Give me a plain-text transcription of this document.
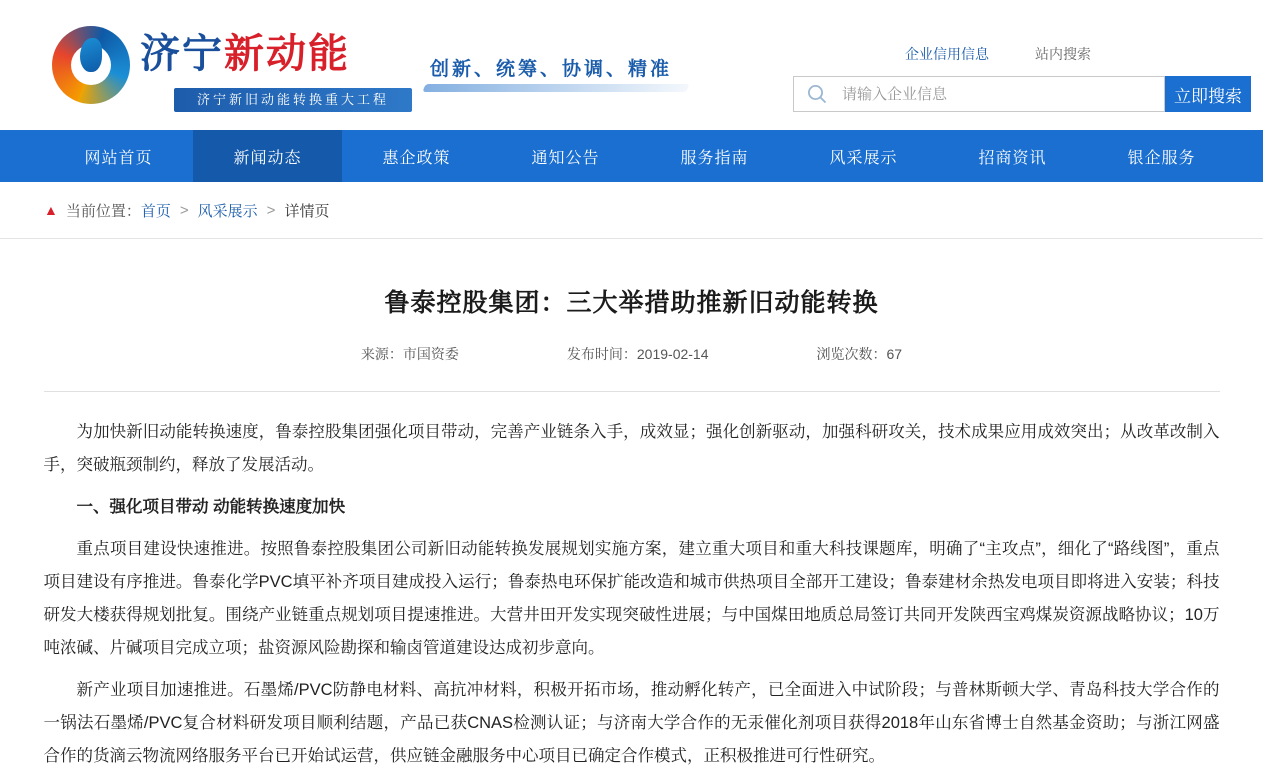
济宁新动能
济宁新旧动能转换重大工程
创新、统筹、协调、精准
企业信用信息	站内搜索
请输入企业信息
立即搜索
网站首页	新闻动态	惠企政策	通知公告	服务指南	风采展示	招商资讯	银企服务
▲ 当前位置： 首页 > 风采展示 > 详情页
鲁泰控股集团：三大举措助推新旧动能转换
来源：市国资委	发布时间：2019-02-14	浏览次数：67

为加快新旧动能转换速度，鲁泰控股集团强化项目带动，完善产业链条入手，成效显；强化创新驱动，加强科研攻关，技术成果应用成效突出；从改革改制入手，突破瓶颈制约，释放了发展活动。

一、强化项目带动 动能转换速度加快

重点项目建设快速推进。按照鲁泰控股集团公司新旧动能转换发展规划实施方案，建立重大项目和重大科技课题库，明确了“主攻点”，细化了“路线图”，重点项目建设有序推进。鲁泰化学PVC填平补齐项目建成投入运行；鲁泰热电环保扩能改造和城市供热项目全部开工建设；鲁泰建材余热发电项目即将进入安装；科技研发大楼获得规划批复。围绕产业链重点规划项目提速推进。大营井田开发实现突破性进展；与中国煤田地质总局签订共同开发陕西宝鸡煤炭资源战略协议；10万吨浓碱、片碱项目完成立项；盐资源风险勘探和输卤管道建设达成初步意向。

新产业项目加速推进。石墨烯/PVC防静电材料、高抗冲材料，积极开拓市场，推动孵化转产，已全面进入中试阶段；与普林斯顿大学、青岛科技大学合作的一锅法石墨烯/PVC复合材料研发项目顺利结题，产品已获CNAS检测认证；与济南大学合作的无汞催化剂项目获得2018年山东省博士自然基金资助；与浙江网盛合作的货滴云物流网络服务平台已开始试运营，供应链金融服务中心项目已确定合作模式，正积极推进可行性研究。
